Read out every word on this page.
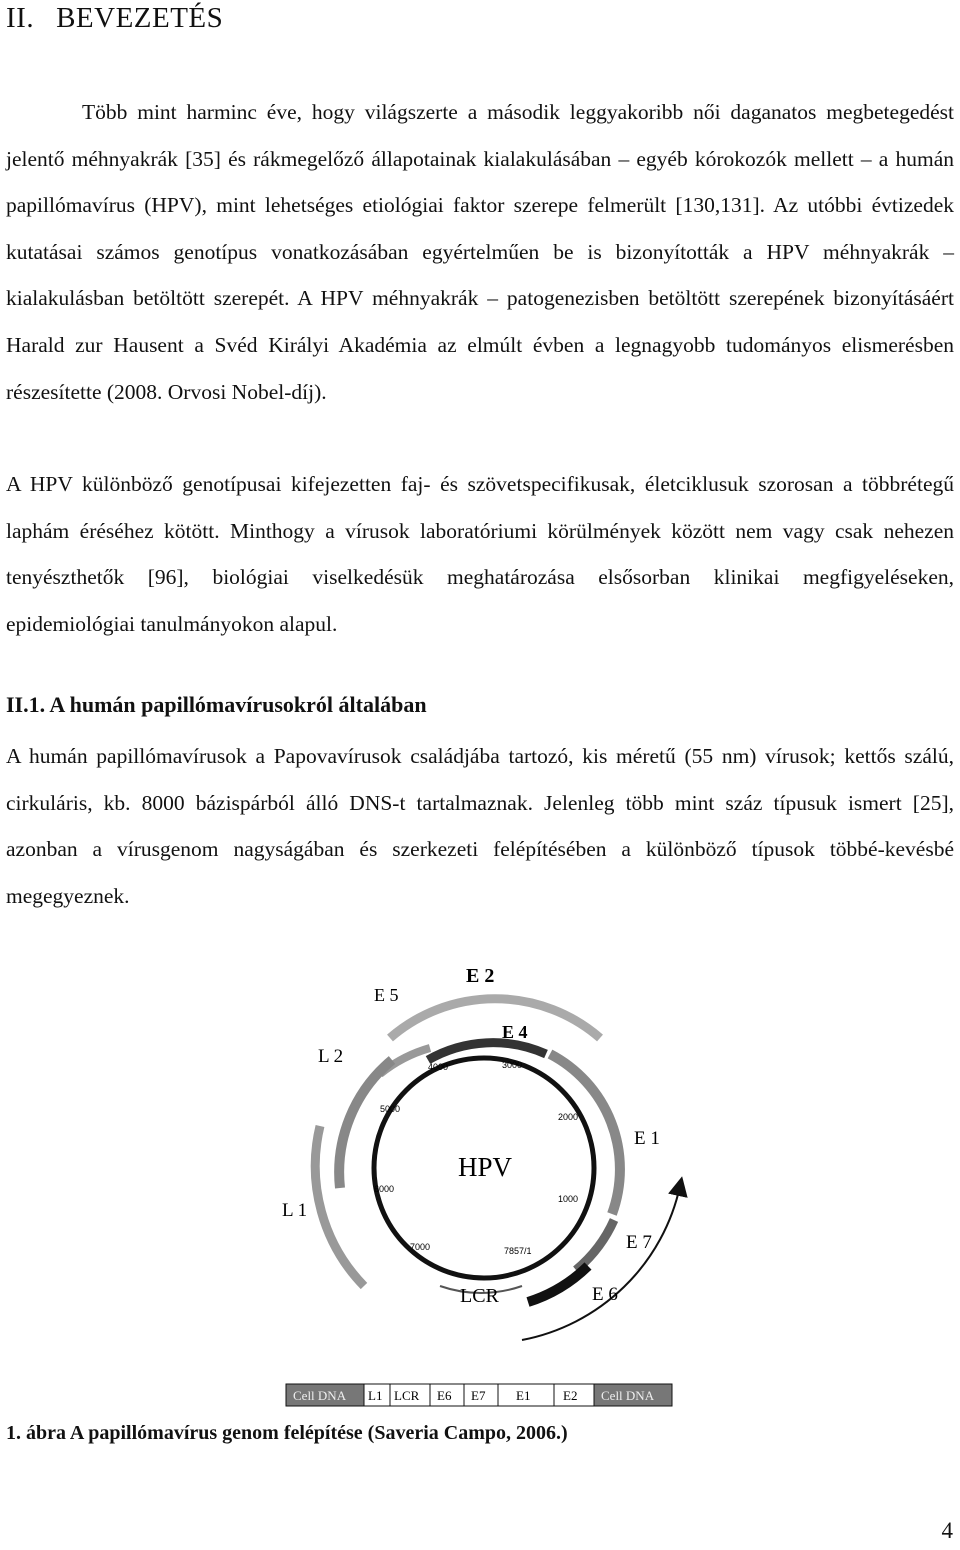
II. BEVEZETÉS

Több mint harminc éve, hogy világszerte a második leggyakoribb női daganatos megbetegedést jelentő méhnyakrák [35] és rákmegelőző állapotainak kialakulásában – egyéb kórokozók mellett – a humán papillómavírus (HPV), mint lehetséges etiológiai faktor szerepe felmerült [130,131]. Az utóbbi évtizedek kutatásai számos genotípus vonatkozásában egyértelműen be is bizonyították a HPV méhnyakrák – kialakulásban betöltött szerepét. A HPV méhnyakrák – patogenezisben betöltött szerepének bizonyításáért Harald zur Hausent a Svéd Királyi Akadémia az elmúlt évben a legnagyobb tudományos elismerésben részesítette (2008. Orvosi Nobel-díj).

A HPV különböző genotípusai kifejezetten faj- és szövetspecifikusak, életciklusuk szorosan a többrétegű laphám éréséhez kötött. Minthogy a vírusok laboratóriumi körülmények között nem vagy csak nehezen tenyészthetők [96], biológiai viselkedésük meghatározása elsősorban klinikai megfigyeléseken, epidemiológiai tanulmányokon alapul.

II.1. A humán papillómavírusokról általában

A humán papillómavírusok a Papovavírusok családjába tartozó, kis méretű (55 nm) vírusok; kettős szálú, cirkuláris, kb. 8000 bázispárból álló DNS-t tartalmaznak. Jelenleg több mint száz típusuk ismert [25], azonban a vírusgenom nagyságában és szerkezeti felépítésében a különböző típusok többé-kevésbé megegyeznek.

E 2
E 5
E 4
L 2
E 1
L 1
E 7
E 6
LCR
HPV
4000	3000
5000
2000
6000
1000
7000	7857/1
Cell DNA L1 LCR E6 E7 E1	E2 Cell DNA

1. ábra A papillómavírus genom felépítése (Saveria Campo, 2006.)

4
